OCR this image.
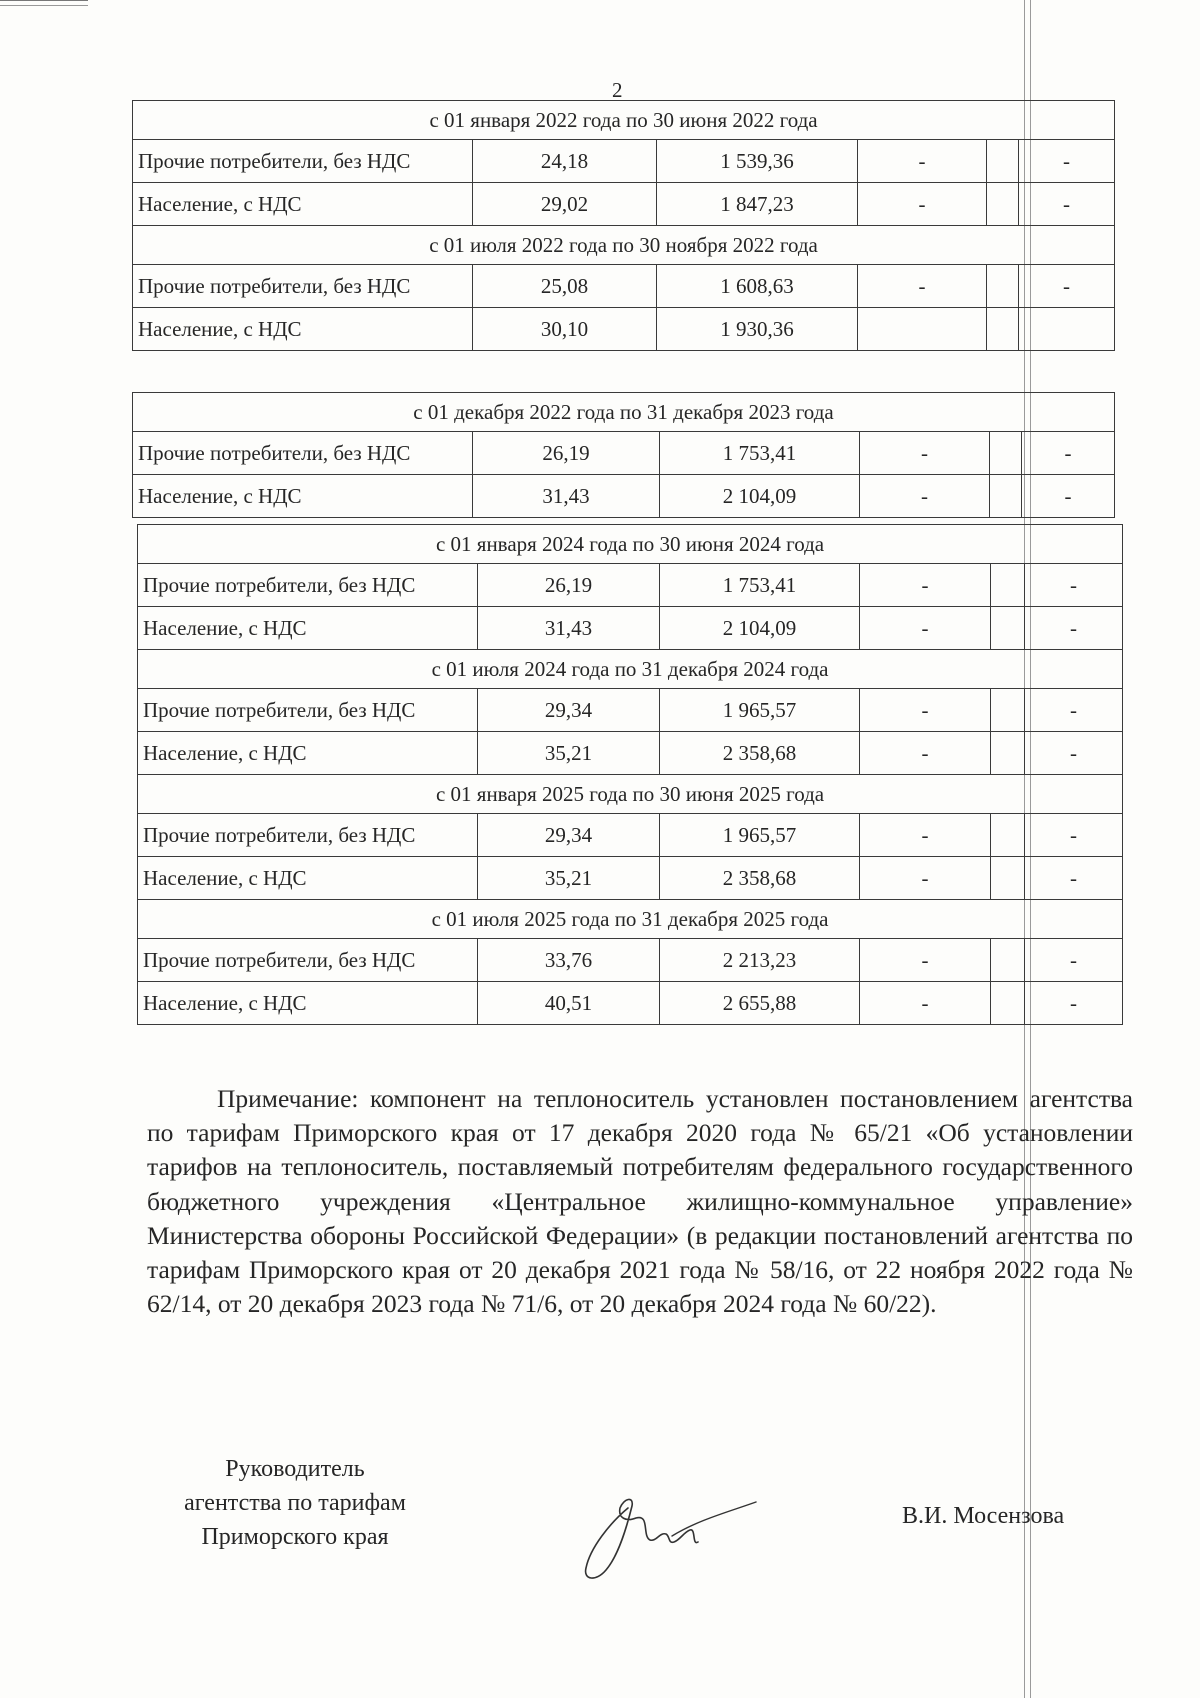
2
с 01 января 2022 года по 30 июня 2022 года					
Прочие потребители, без НДС	24,18	1 539,36	-		-
Население, с НДС	29,02	1 847,23	-		-
с 01 июля 2022 года по 30 ноября 2022 года					
Прочие потребители, без НДС	25,08	1 608,63	-		-
Население, с НДС	30,10	1 930,36			
с 01 декабря 2022 года по 31 декабря 2023 года					
Прочие потребители, без НДС	26,19	1 753,41	-		-
Население, с НДС	31,43	2 104,09	-		-
с 01 января 2024 года по 30 июня 2024 года					
Прочие потребители, без НДС	26,19	1 753,41	-		-
Население, с НДС	31,43	2 104,09	-		-
с 01 июля 2024 года по 31 декабря 2024 года					
Прочие потребители, без НДС	29,34	1 965,57	-		-
Население, с НДС	35,21	2 358,68	-		-
с 01 января 2025 года по 30 июня 2025 года					
Прочие потребители, без НДС	29,34	1 965,57	-		-
Население, с НДС	35,21	2 358,68	-		-
с 01 июля 2025 года по 31 декабря 2025 года					
Прочие потребители, без НДС	33,76	2 213,23	-		-
Население, с НДС	40,51	2 655,88	-		-
Примечание: компонент на теплоноситель установлен постановлением агентства по тарифам Приморского края от 17 декабря 2020 года № 65/21 «Об установлении тарифов на теплоноситель, поставляемый потребителям федерального государственного бюджетного учреждения «Центральное жилищно-коммунальное управление» Министерства обороны Российской Федерации» (в редакции постановлений агентства по тарифам Приморского края от 20 декабря 2021 года № 58/16, от 22 ноября 2022 года № 62/14, от 20 декабря 2023 года № 71/6, от 20 декабря 2024 года № 60/22).
Руководитель
агентства по тарифам
Приморского края
В.И. Мосензова
